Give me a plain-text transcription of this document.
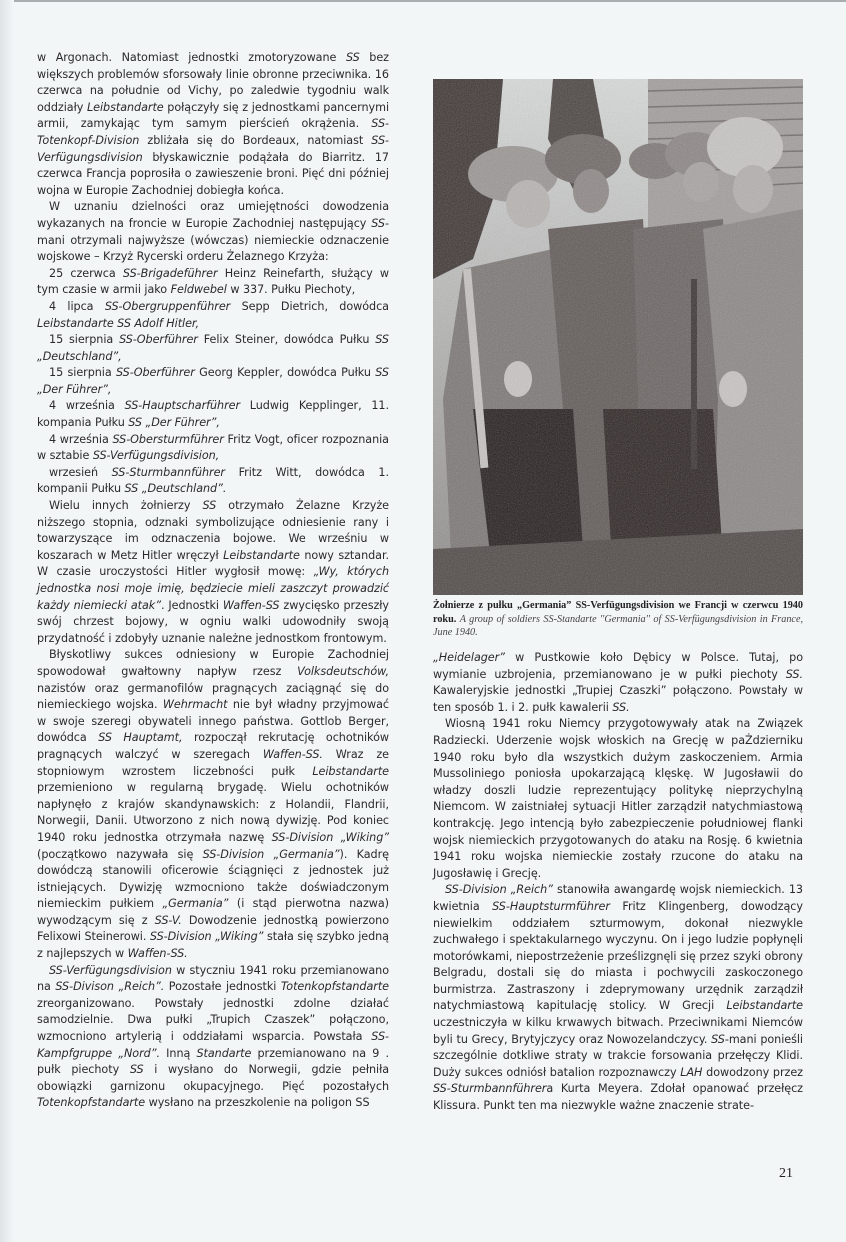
w Argonach. Natomiast jednostki zmotoryzowane SS bez większych problemów sforsowały linie obronne przeciwnika. 16 czerwca na południe od Vichy, po zaledwie tygodniu walk oddziały Leibstandarte połączyły się z jednostkami pancernymi armii, zamykając tym samym pierścień okrążenia. SS-Totenkopf-Division zbliżała się do Bordeaux, natomiast SS-Verfügungsdivision błyskawicznie podążała do Biarritz. 17 czerwca Francja poprosiła o zawieszenie broni. Pięć dni później wojna w Europie Zachodniej dobiegła końca.

W uznaniu dzielności oraz umiejętności dowodzenia wykazanych na froncie w Europie Zachodniej następujący SS-mani otrzymali najwyższe (wówczas) niemieckie odznaczenie wojskowe – Krzyż Rycerski orderu Żelaznego Krzyża:

25 czerwca SS-Brigadeführer Heinz Reinefarth, służący w tym czasie w armii jako Feldwebel w 337. Pułku Piechoty,

4 lipca SS-Obergruppenführer Sepp Dietrich, dowódca Leibstandarte SS Adolf Hitler,

15 sierpnia SS-Oberführer Felix Steiner, dowódca Pułku SS „Deutschland”,

15 sierpnia SS-Oberführer Georg Keppler, dowódca Pułku SS „Der Führer”,

4 września SS-Hauptscharführer Ludwig Kepplinger, 11. kompania Pułku SS „Der Führer”,

4 września SS-Obersturmführer Fritz Vogt, oficer rozpoznania w sztabie SS-Verfügungsdivision,

wrzesień SS-Sturmbannführer Fritz Witt, dowódca 1. kompanii Pułku SS „Deutschland”.

Wielu innych żołnierzy SS otrzymało Żelazne Krzyże niższego stopnia, odznaki symbolizujące odniesienie rany i towarzyszące im odznaczenia bojowe. We wrześniu w koszarach w Metz Hitler wręczył Leibstandarte nowy sztandar. W czasie uroczystości Hitler wygłosił mowę: „Wy, których jednostka nosi moje imię, będziecie mieli zaszczyt prowadzić każdy niemiecki atak”. Jednostki Waffen-SS zwycięsko przeszły swój chrzest bojowy, w ogniu walki udowodniły swoją przydatność i zdobyły uznanie należne jednostkom frontowym.

Błyskotliwy sukces odniesiony w Europie Zachodniej spowodował gwałtowny napływ rzesz Volksdeutschów, nazistów oraz germanofilów pragnących zaciągnąć się do niemieckiego wojska. Wehrmacht nie był władny przyjmować w swoje szeregi obywateli innego państwa. Gottlob Berger, dowódca SS Hauptamt, rozpoczął rekrutację ochotników pragnących walczyć w szeregach Waffen-SS. Wraz ze stopniowym wzrostem liczebności pułk Leibstandarte przemieniono w regularną brygadę. Wielu ochotników napłynęło z krajów skandynawskich: z Holandii, Flandrii, Norwegii, Danii. Utworzono z nich nową dywizję. Pod koniec 1940 roku jednostka otrzymała nazwę SS-Division „Wiking” (początkowo nazywała się SS-Division „Germania”). Kadrę dowódczą stanowili oficerowie ściągnięci z jednostek już istniejących. Dywizję wzmocniono także doświadczonym niemieckim pułkiem „Germania” (i stąd pierwotna nazwa) wywodzącym się z SS-V. Dowodzenie jednostką powierzono Felixowi Steinerowi. SS-Division „Wiking” stała się szybko jedną z najlepszych w Waffen-SS.

SS-Verfügungsdivision w styczniu 1941 roku przemianowano na SS-Divison „Reich”. Pozostałe jednostki Totenkopfstandarte zreorganizowano. Powstały jednostki zdolne działać samodzielnie. Dwa pułki „Trupich Czaszek” połączono, wzmocniono artylerią i oddziałami wsparcia. Powstała SS-Kampfgruppe „Nord”. Inną Standarte przemianowano na 9 . pułk piechoty SS i wysłano do Norwegii, gdzie pełniła obowiązki garnizonu okupacyjnego. Pięć pozostałych Totenkopfstandarte wysłano na przeszkolenie na poligon SS

Żołnierze z pułku „Germania” SS-Verfügungsdivision we Francji w czerwcu 1940 roku. A group of soldiers SS-Standarte ''Germania'' of SS-Verfügungsdivision in France, June 1940.

„Heidelager” w Pustkowie koło Dębicy w Polsce. Tutaj, po wymianie uzbrojenia, przemianowano je w pułki piechoty SS. Kawaleryjskie jednostki „Trupiej Czaszki” połączono. Powstały w ten sposób 1. i 2. pułk kawalerii SS.

Wiosną 1941 roku Niemcy przygotowywały atak na Związek Radziecki. Uderzenie wojsk włoskich na Grecję w paŻdzierniku 1940 roku było dla wszystkich dużym zaskoczeniem. Armia Mussoliniego poniosła upokarzającą klęskę. W Jugosławii do władzy doszli ludzie reprezentujący politykę nieprzychylną Niemcom. W zaistniałej sytuacji Hitler zarządził natychmiastową kontrakcję. Jego intencją było zabezpieczenie południowej flanki wojsk niemieckich przygotowanych do ataku na Rosję. 6 kwietnia 1941 roku wojska niemieckie zostały rzucone do ataku na Jugosławię i Grecję.

SS-Division „Reich” stanowiła awangardę wojsk niemieckich. 13 kwietnia SS-Hauptsturmführer Fritz Klingenberg, dowodzący niewielkim oddziałem szturmowym, dokonał niezwykle zuchwałego i spektakularnego wyczynu. On i jego ludzie popłynęli motorówkami, niepostrzeżenie prześlizgnęli się przez szyki obrony Belgradu, dostali się do miasta i pochwycili zaskoczonego burmistrza. Zastraszony i zdeprymowany urzędnik zarządził natychmiastową kapitulację stolicy. W Grecji Leibstandarte uczestniczyła w kilku krwawych bitwach. Przeciwnikami Niemców byli tu Grecy, Brytyjczycy oraz Nowozelandczycy. SS-mani ponieśli szczególnie dotkliwe straty w trakcie forsowania przełęczy Klidi. Duży sukces odniósł batalion rozpoznawczy LAH dowodzony przez SS-Sturmbannführera Kurta Meyera. Zdołał opanować przełęcz Klissura. Punkt ten ma niezwykle ważne znaczenie strate-

21
